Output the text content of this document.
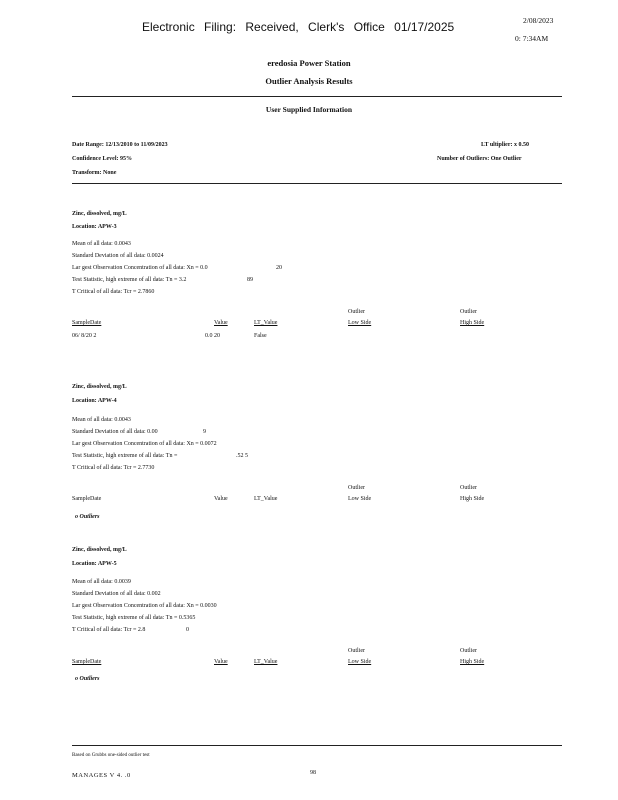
Electronic Filing: Received, Clerk's Office 01/17/2025	2/08/2023
0: 7:34AM
eredosia Power Station
Outlier Analysis Results
User Supplied Information
Date Range: 12/13/2010 to 11/09/2023
Confidence Level: 95%
Transform: None
LT ultiplier: x 0.50
Number of Outliers: One Outlier
Zinc, dissolved, mg/L
Location: APW-3
Mean of all data: 0.0043
Standard Deviation of all data: 0.0024
Lar gest Observation Concentration of all data: Xn = 0.0	20
Test Statistic, high extreme of all data: Tn = 3.2	89
T Critical of all data: Tcr = 2.7860
Outlier	Outlier
SampleDate	Value	LT_Value	Low Side	High Side
06/ 8/20 2	0.0 20	False
Zinc, dissolved, mg/L
Location: APW-4
Mean of all data: 0.0043
Standard Deviation of all data: 0.00	9
Lar gest Observation Concentration of all data: Xn = 0.0072
Test Statistic, high extreme of all data: Tn =	.52 5
T Critical of all data: Tcr = 2.7730
Outlier	Outlier
SampleDate	Value	LT_Value	Low Side	High Side
o Outliers
Zinc, dissolved, mg/L
Location: APW-5
Mean of all data: 0.0039
Standard Deviation of all data: 0.002
Lar gest Observation Concentration of all data: Xn = 0.0030
Test Statistic, high extreme of all data: Tn = 0.5365
T Critical of all data: Tcr = 2.8	0
Outlier	Outlier
SampleDate	Value	LT_Value	Low Side	High Side
o Outliers
Based on Grubbs one-sided outlier test
MANAGES V 4. .0	98
